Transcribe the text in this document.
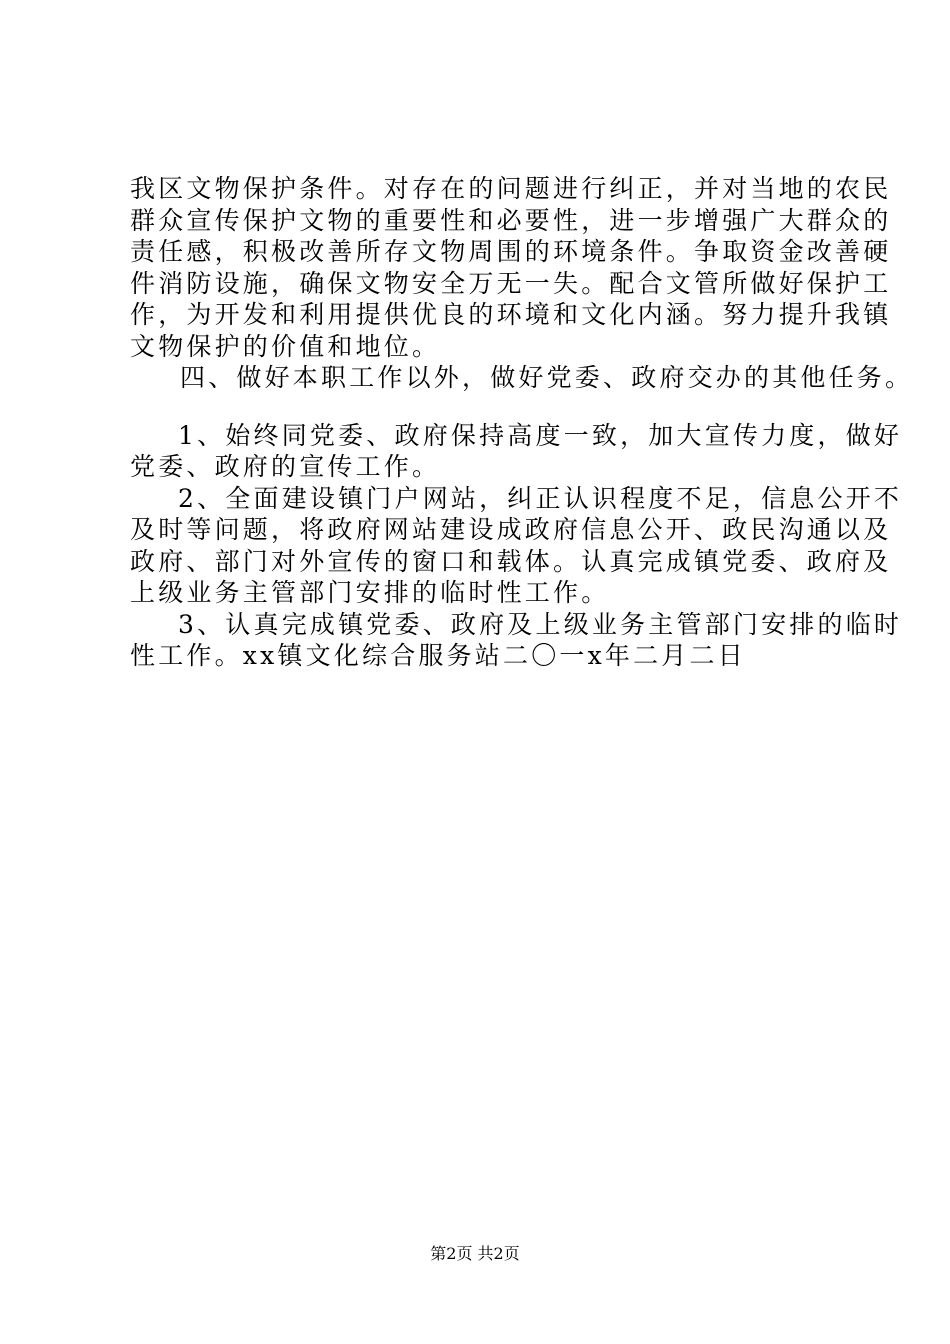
我区文物保护条件。对存在的问题进行纠正，并对当地的农民
群众宣传保护文物的重要性和必要性，进一步增强广大群众的
责任感，积极改善所存文物周围的环境条件。争取资金改善硬
件消防设施，确保文物安全万无一失。配合文管所做好保护工
作，为开发和利用提供优良的环境和文化内涵。努力提升我镇
文物保护的价值和地位。
四、做好本职工作以外，做好党委、政府交办的其他任务。
1、始终同党委、政府保持高度一致，加大宣传力度，做好
党委、政府的宣传工作。
2、全面建设镇门户网站，纠正认识程度不足，信息公开不
及时等问题，将政府网站建设成政府信息公开、政民沟通以及
政府、部门对外宣传的窗口和载体。认真完成镇党委、政府及
上级业务主管部门安排的临时性工作。
3、认真完成镇党委、政府及上级业务主管部门安排的临时
性工作。xx镇文化综合服务站二〇一x年二月二日
第2页 共2页
